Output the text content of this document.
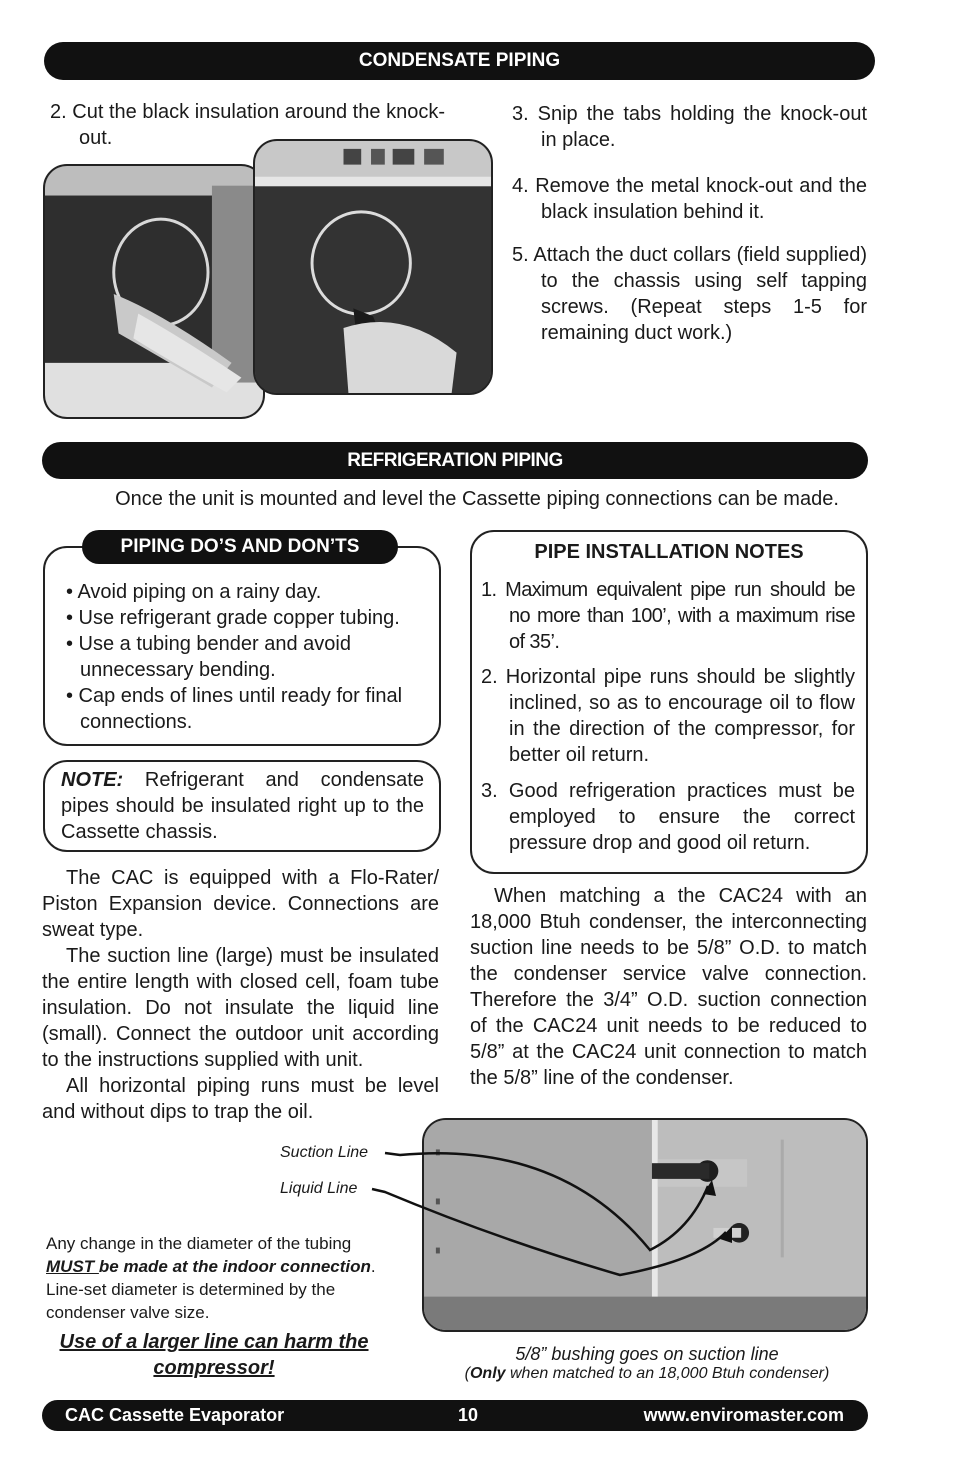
CONDENSATE PIPING
2. Cut the black insulation around the knock-out.
3. Snip the tabs holding the knock-out in place.
4. Remove the metal knock-out and the black insulation behind it.
5. Attach the duct collars (field supplied) to the chassis using self tapping screws. (Repeat steps 1-5 for remaining duct work.)
REFRIGERATION PIPING
Once the unit is mounted and level the Cassette piping connections can be made.
PIPING DO’S AND DON’TS
• Avoid piping on a rainy day.
• Use refrigerant grade copper tubing.
• Use a tubing bender and avoid unnecessary bending.
• Cap ends of lines until ready for final connections.
NOTE: Refrigerant and condensate pipes should be insulated right up to the Cassette chassis.
PIPE INSTALLATION NOTES
1. Maximum equivalent pipe run should be no more than 100’, with a maximum rise of 35’.
2. Horizontal pipe runs should be slightly inclined, so as to encourage oil to flow in the direction of the compressor, for better oil return.
3. Good refrigeration practices must be employed to ensure the correct pressure drop and good oil return.

The CAC is equipped with a Flo-Rater/ Piston Expansion device. Connections are sweat type.

The suction line (large) must be insulated the entire length with closed cell, foam tube insulation. Do not insulate the liquid line (small). Connect the outdoor unit according to the instructions supplied with unit.

All horizontal piping runs must be level and without dips to trap the oil.

When matching a the CAC24 with an 18,000 Btuh condenser, the interconnecting suction line needs to be 5/8” O.D. to match the condenser service valve connection. Therefore the 3/4” O.D. suction connection of the CAC24 unit needs to be reduced to 5/8” at the CAC24 unit connection to match the 5/8” line of the condenser.

Suction Line
Liquid Line
Any change in the diameter of the tubing MUST be made at the indoor connection. Line-set diameter is determined by the condenser valve size.
Use of a larger line can harm the compressor!
5/8” bushing goes on suction line
(Only when matched to an 18,000 Btuh condenser)
CAC Cassette Evaporator	10	www.enviromaster.com
